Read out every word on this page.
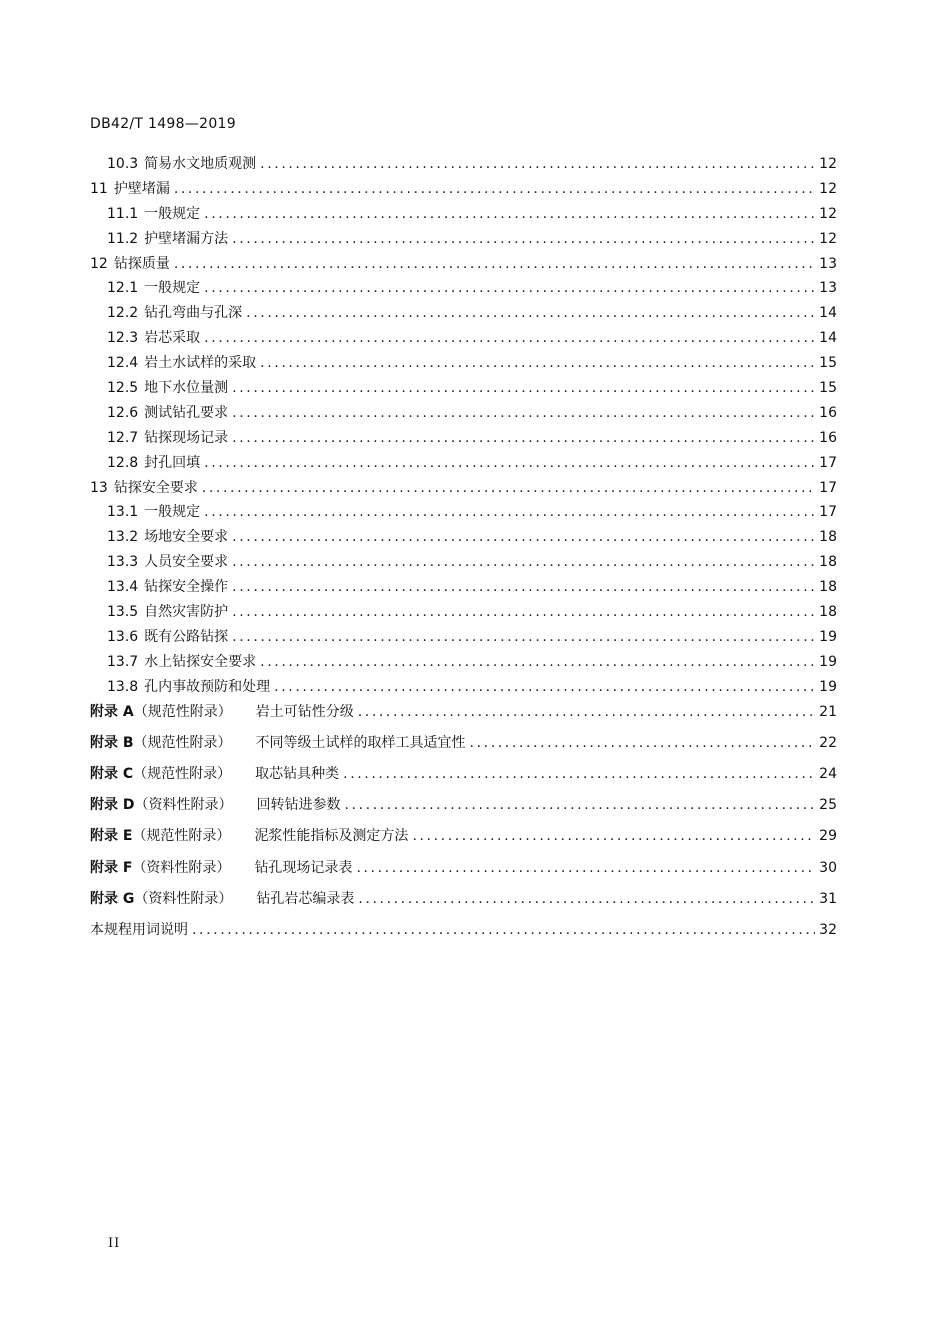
DB42/T 1498—2019
10.3 简易水文地质观测 .....	12
11 护壁堵漏 .....	12
11.1 一般规定 .....	12
11.2 护壁堵漏方法 .....	12
12 钻探质量 .....	13
12.1 一般规定 .....	13
12.2 钻孔弯曲与孔深 .....	14
12.3 岩芯采取 .....	14
12.4 岩土水试样的采取 .....	15
12.5 地下水位量测 .....	15
12.6 测试钻孔要求 .....	16
12.7 钻探现场记录 .....	16
12.8 封孔回填 .....	17
13 钻探安全要求 .....	17
13.1 一般规定 .....	17
13.2 场地安全要求 .....	18
13.3 人员安全要求 .....	18
13.4 钻探安全操作 .....	18
13.5 自然灾害防护 .....	18
13.6 既有公路钻探 .....	19
13.7 水上钻探安全要求 .....	19
13.8 孔内事故预防和处理 .....	19
附录 A （规范性附录） 岩土可钻性分级 .....	21
附录 B （规范性附录） 不同等级土试样的取样工具适宜性 .....	22
附录 C （规范性附录） 取芯钻具种类 .....	24
附录 D （资料性附录） 回转钻进参数 .....	25
附录 E （规范性附录） 泥浆性能指标及测定方法 .....	29
附录 F （资料性附录） 钻孔现场记录表 .....	30
附录 G （资料性附录） 钻孔岩芯编录表 .....	31
本规程用词说明 .....	32
II
